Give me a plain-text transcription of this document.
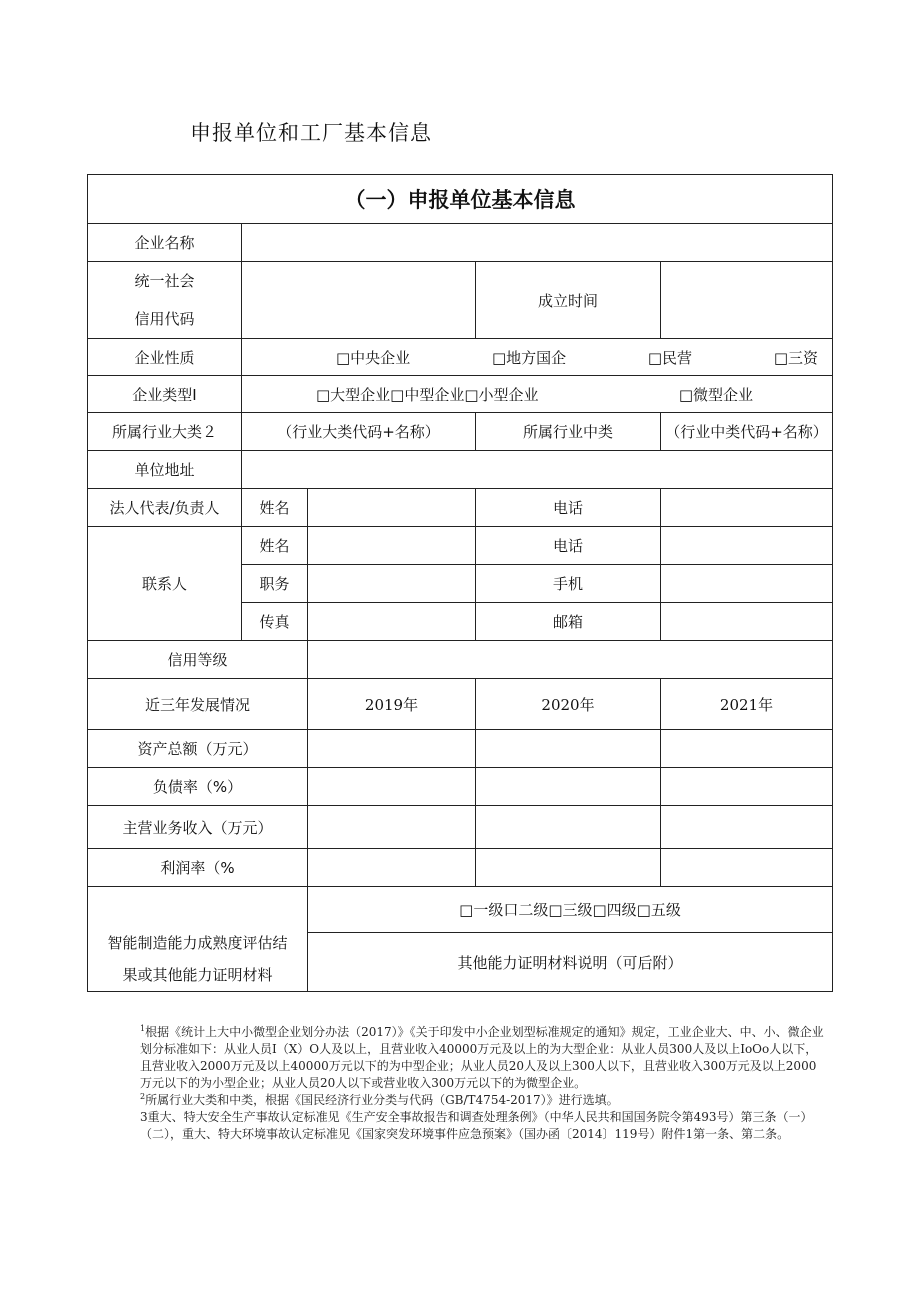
申报单位和工厂基本信息
（一）申报单位基本信息				
企业名称				

统一社会
信用代码			成立时间	
企业性质	□中央企业 □地方国企 □民营 □三资			

企业类型Ⅰ	□大型企业□中型企业□小型企业 □微型企业			

所属行业大类２	（行业大类代码+名称）		所属行业中类	（行业中类代码+名称）
单位地址				
法人代表/负责人	姓名		电话	
联系人	姓名		电话	
	职务		手机	
	传真		邮箱	
信用等级				
近三年发展情况		2019年	2020年	2021年
资产总额（万元）				
负债率（%）				
主营业务收入（万元）				
利润率（%				

智能制造能力成熟度评估结
果或其他能力证明材料		□一级口二级□三级□四级□五级		
		其他能力证明材料说明（可后附）		

$^1$根据《统计上大中小微型企业划分办法（2017）》《关于印发中小企业划型标准规定的通知》规定，工业企业大、中、小、微企业划分标准如下：从业人员I（X）O人及以上，且营业收入40000万元及以上的为大型企业：从业人员300人及以上IoOo人以下，且营业收入2000万元及以上40000万元以下的为中型企业；从业人员20人及以上300人以下，且营业收入300万元及以上2000万元以下的为小型企业；从业人员20人以下或营业收入300万元以下的为微型企业。

$^2$所属行业大类和中类，根据《国民经济行业分类与代码（GB/T4754-2017）》进行选填。

3重大、特大安全生产事故认定标准见《生产安全事故报告和调查处理条例》（中华人民共和国国务院令第493号）第三条（一）（二），重大、特大环境事故认定标准见《国家突发环境事件应急预案》（国办函〔2014〕119号）附件1第一条、第二条。
